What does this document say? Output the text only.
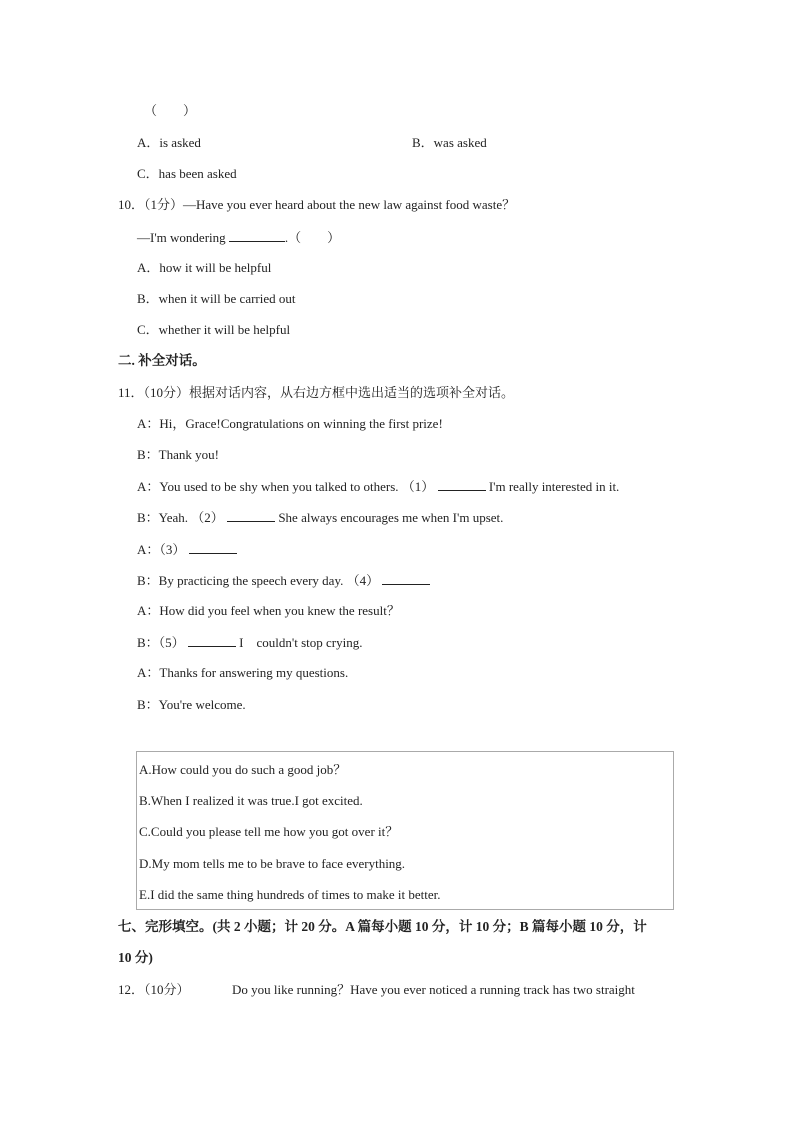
（　　）
A．is asked	B．was asked
C．has been asked
10．（1分）—Have you ever heard about the new law against food waste？
—I'm wondering	.（　　）
A．how it will be helpful
B．when it will be carried out
C．whether it will be helpful
二. 补全对话。
11．（10分）根据对话内容，从右边方框中选出适当的选项补全对话。
A：Hi，Grace!Congratulations on winning the first prize!
B：Thank you!
A：You used to be shy when you talked to others. （1）	I'm really interested in it.
B：Yeah. （2）	She always encourages me when I'm upset.
A：（3）
B：By practicing the speech every day. （4）
A：How did you feel when you knew the result？
B：（5）	I　couldn't stop crying.
A：Thanks for answering my questions.
B：You're welcome.
A.How could you do such a good job？
B.When I realized it was true.I got excited.
C.Could you please tell me how you got over it？
D.My mom tells me to be brave to face everything.
E.I did the same thing hundreds of times to make it better.
七、完形填空。(共 2 小题；计 20 分。A 篇每小题 10 分，计 10 分；B 篇每小题 10 分，计
10 分)
12．（10分）	Do you like running？Have you ever noticed a running track has two straight
